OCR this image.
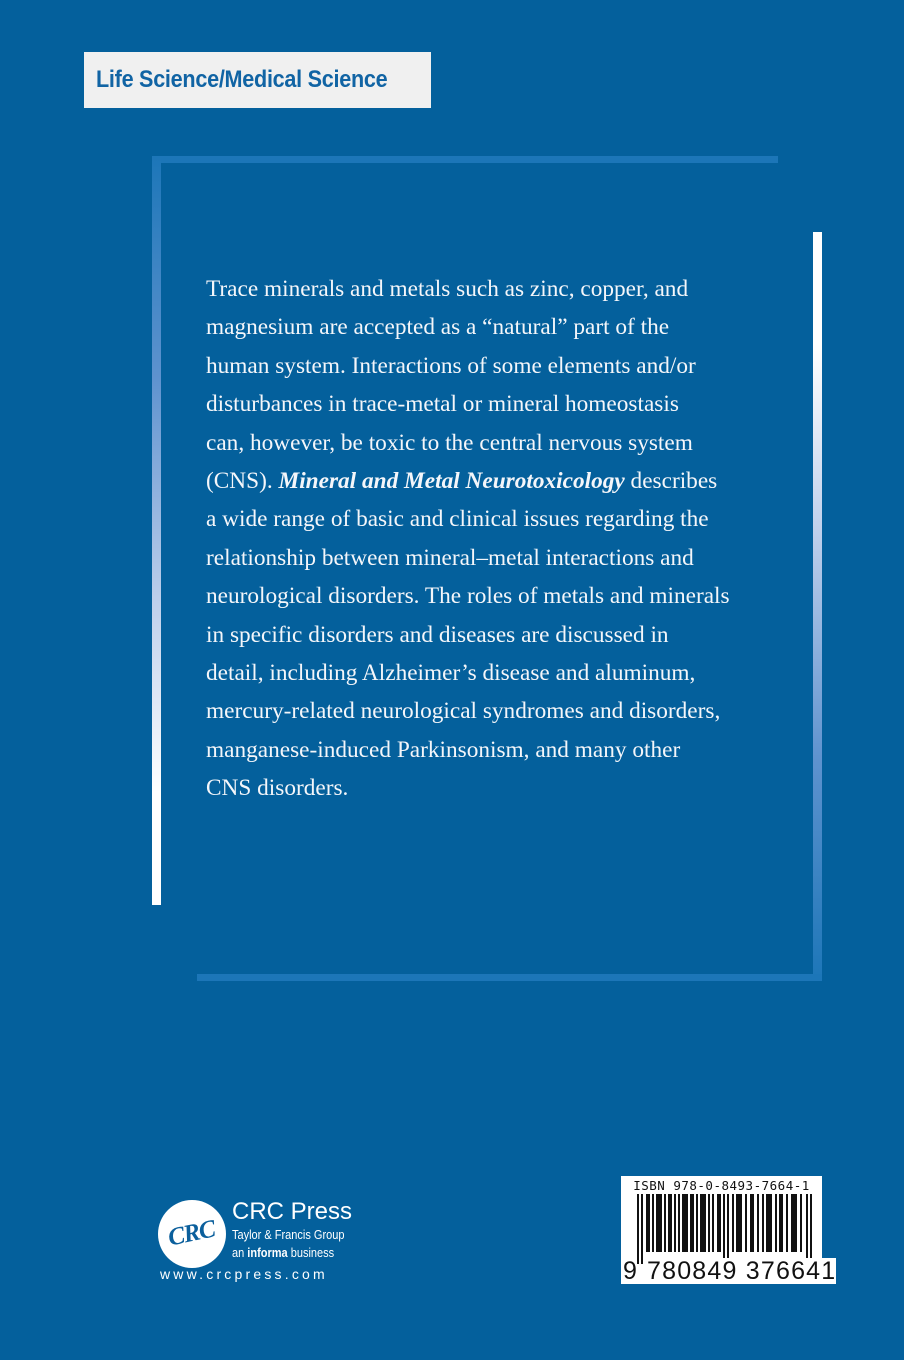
Life Science/Medical Science

Trace minerals and metals such as zinc, copper, and

magnesium are accepted as a “natural” part of the

human system. Interactions of some elements and/or

disturbances in trace-metal or mineral homeostasis

can, however, be toxic to the central nervous system

(CNS). Mineral and Metal Neurotoxicology describes

a wide range of basic and clinical issues regarding the

relationship between mineral–metal interactions and

neurological disorders. The roles of metals and minerals

in specific disorders and diseases are discussed in

detail, including Alzheimer’s disease and aluminum,

mercury-related neurological syndromes and disorders,

manganese-induced Parkinsonism, and many other

CNS disorders.

CRC
CRC Press
Taylor & Francis Group
an informa business
www.crcpress.com
ISBN 978-0-8493-7664-1
9 780849 376641
